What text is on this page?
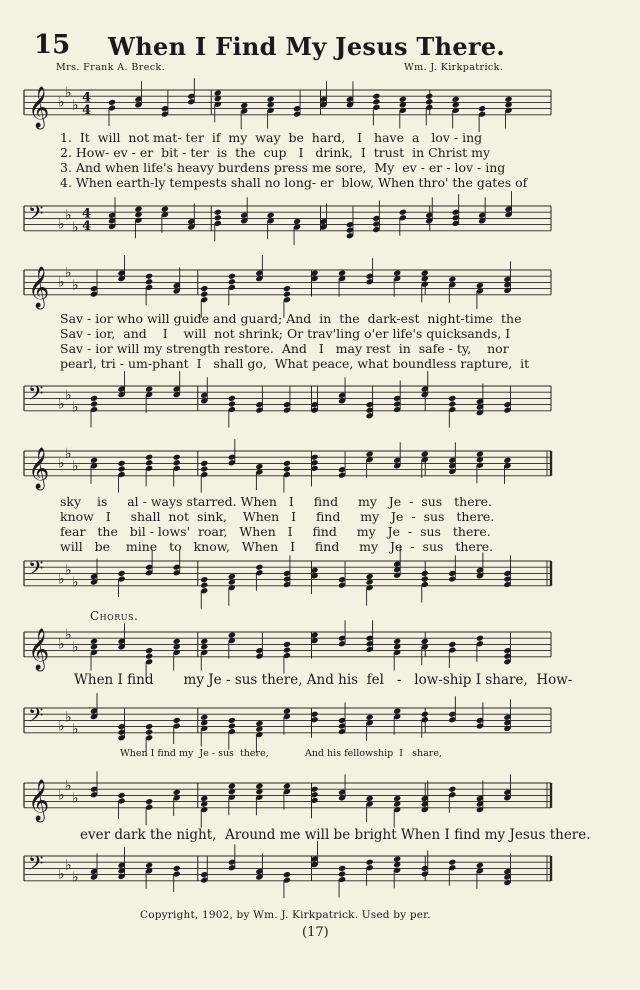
15 When I Find My Jesus There.
Mrs. Frank A. Breck.	Wm. J. Kirkpatrick.
𝄞 ♭
♭
♭ 4
4
1.  It  will  not mat- ter  if  my  way  be  hard,   I   have  a   lov - ing
2. How- ev - er  bit - ter  is  the  cup   I   drink,  I  trust  in Christ my
3. And when life's heavy burdens press me sore,  My  ev - er - lov - ing
4. When earth-ly tempests shall no long- er  blow, When thro' the gates of
𝄢 ♭
♭
♭
4
4
𝄞 ♭
♭
♭
Sav - ior who will guide and guard; And  in  the  dark-est  night-time  the
Sav - ior,  and    I    will  not shrink; Or trav'ling o'er life's quicksands, I
Sav - ior will my strength restore.  And   I   may rest  in  safe - ty,    nor
pearl, tri - um-phant  I   shall go,  What peace, what boundless rapture,  it
𝄢 ♭
♭
♭
𝄞 ♭
♭
♭
sky    is     al - ways starred. When   I     find     my   Je  -  sus   there.
know   I     shall  not  sink,    When   I     find     my   Je  -  sus   there.
fear   the   bil - lows'  roar,   When   I     find     my   Je  -  sus   there.
will   be    mine   to   know,   When   I     find     my   Je  -  sus   there.
𝄢 ♭
♭
♭
Chorus.
𝄞 ♭
♭
♭
When I find       my Je - sus there, And his  fel   -   low-ship I share,  How-
𝄢 ♭
♭
♭
When I find my  Je - sus  there,            And his fellowship  I   share,
𝄞 ♭
♭
♭
ever dark the night,  Around me will be bright When I find my Jesus there.
𝄢 ♭
♭
♭
Copyright, 1902, by Wm. J. Kirkpatrick. Used by per.
(17)
